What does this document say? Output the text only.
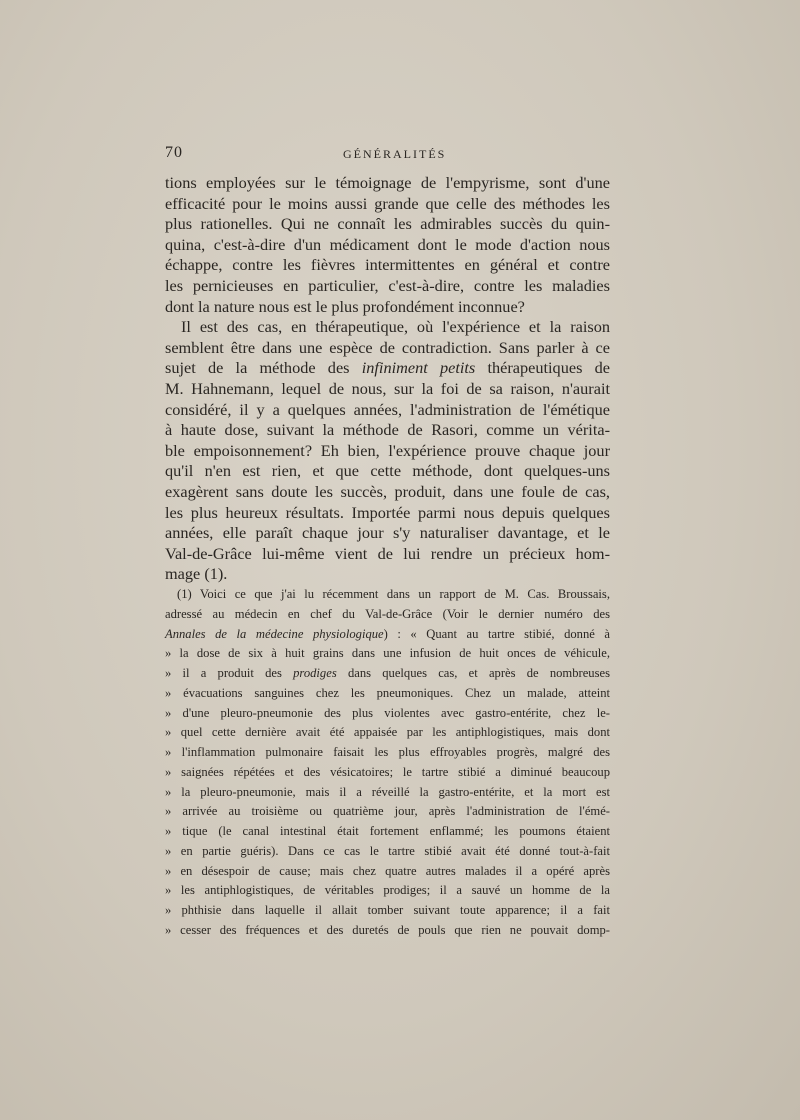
70	GÉNÉRALITÉS
tions employées sur le témoignage de l'empyrisme, sont d'une
efficacité pour le moins aussi grande que celle des méthodes les
plus rationelles. Qui ne connaît les admirables succès du quin-
quina, c'est-à-dire d'un médicament dont le mode d'action nous
échappe, contre les fièvres intermittentes en général et contre
les pernicieuses en particulier, c'est-à-dire, contre les maladies
dont la nature nous est le plus profondément inconnue?
Il est des cas, en thérapeutique, où l'expérience et la raison
semblent être dans une espèce de contradiction. Sans parler à ce
sujet de la méthode des infiniment petits thérapeutiques de
M. Hahnemann, lequel de nous, sur la foi de sa raison, n'aurait
considéré, il y a quelques années, l'administration de l'émétique
à haute dose, suivant la méthode de Rasori, comme un vérita-
ble empoisonnement? Eh bien, l'expérience prouve chaque jour
qu'il n'en est rien, et que cette méthode, dont quelques-uns
exagèrent sans doute les succès, produit, dans une foule de cas,
les plus heureux résultats. Importée parmi nous depuis quelques
années, elle paraît chaque jour s'y naturaliser davantage, et le
Val-de-Grâce lui-même vient de lui rendre un précieux hom-
mage (1).
(1) Voici ce que j'ai lu récemment dans un rapport de M. Cas. Broussais,
adressé au médecin en chef du Val-de-Grâce (Voir le dernier numéro des
Annales de la médecine physiologique) : « Quant au tartre stibié, donné à
» la dose de six à huit grains dans une infusion de huit onces de véhicule,
» il a produit des prodiges dans quelques cas, et après de nombreuses
» évacuations sanguines chez les pneumoniques. Chez un malade, atteint
» d'une pleuro-pneumonie des plus violentes avec gastro-entérite, chez le-
» quel cette dernière avait été appaisée par les antiphlogistiques, mais dont
» l'inflammation pulmonaire faisait les plus effroyables progrès, malgré des
» saignées répétées et des vésicatoires; le tartre stibié a diminué beaucoup
» la pleuro-pneumonie, mais il a réveillé la gastro-entérite, et la mort est
» arrivée au troisième ou quatrième jour, après l'administration de l'émé-
» tique (le canal intestinal était fortement enflammé; les poumons étaient
» en partie guéris). Dans ce cas le tartre stibié avait été donné tout-à-fait
» en désespoir de cause; mais chez quatre autres malades il a opéré après
» les antiphlogistiques, de véritables prodiges; il a sauvé un homme de la
» phthisie dans laquelle il allait tomber suivant toute apparence; il a fait
» cesser des fréquences et des duretés de pouls que rien ne pouvait domp-
